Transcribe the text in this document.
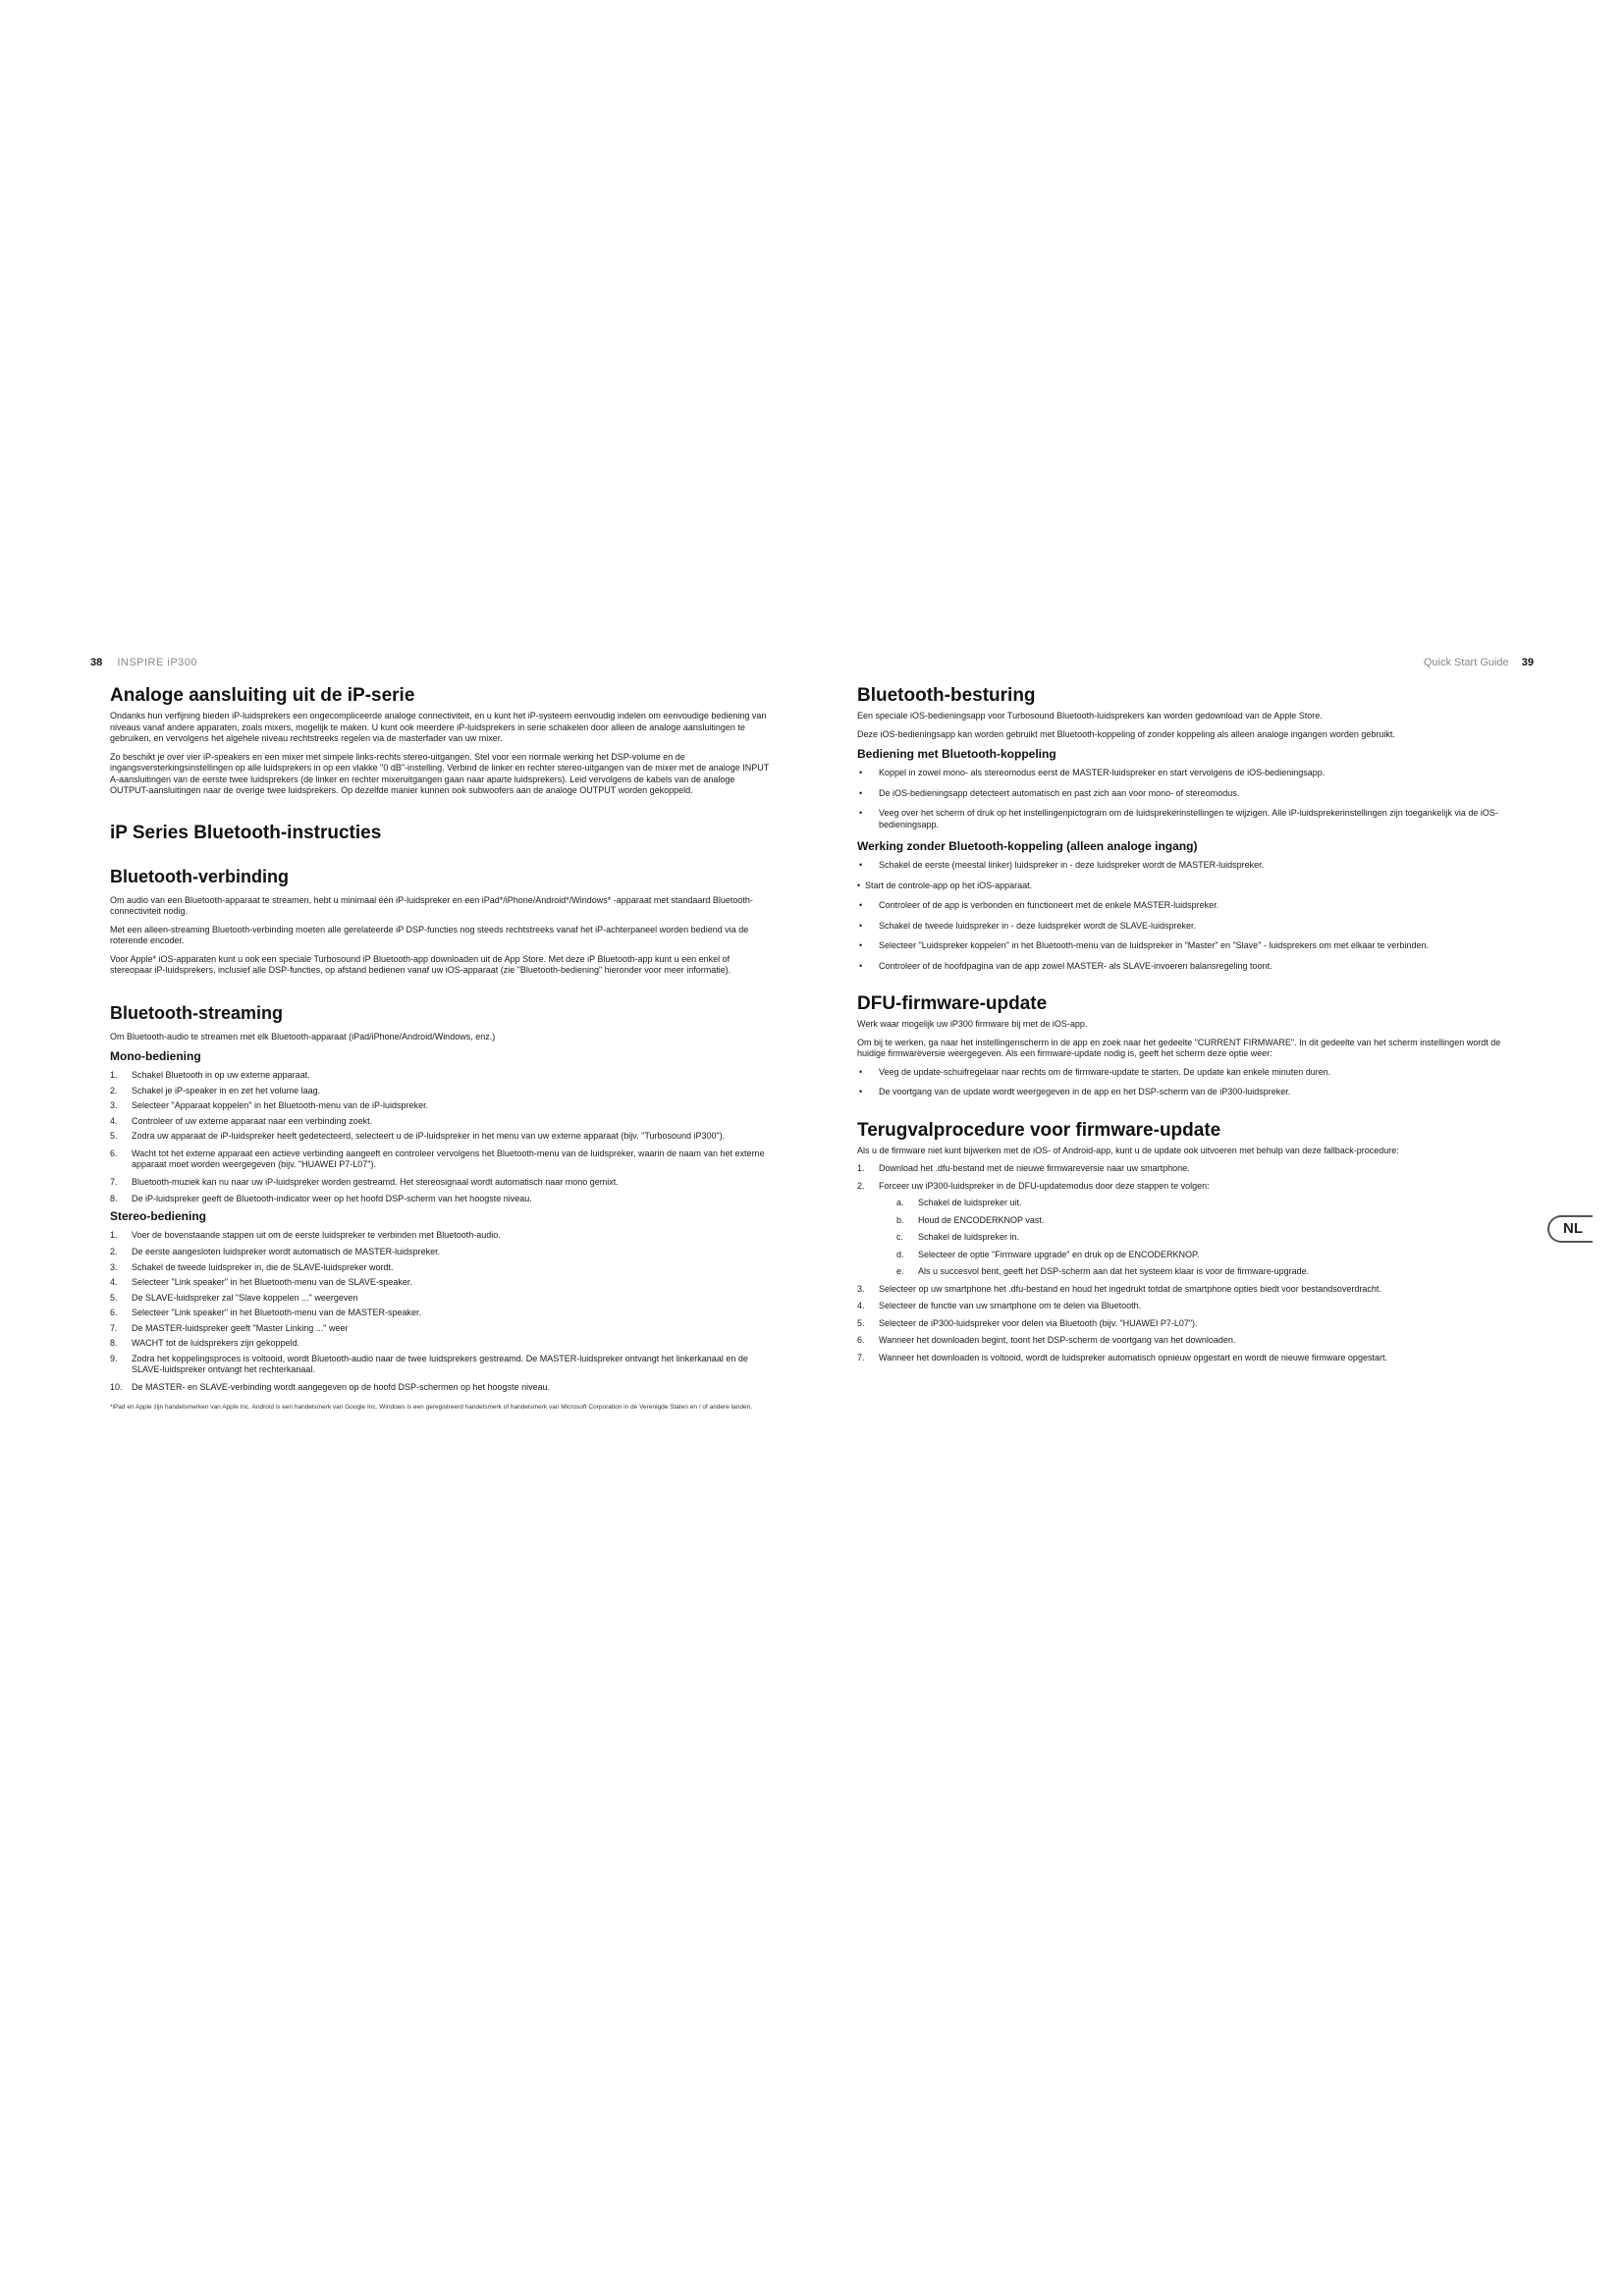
38 INSPIRE iP300	Quick Start Guide 39
Analoge aansluiting uit de iP-serie

Ondanks hun verfijning bieden iP-luidsprekers een ongecompliceerde analoge connectiviteit, en u kunt het iP-systeem eenvoudig indelen om eenvoudige bediening van niveaus vanaf andere apparaten, zoals mixers, mogelijk te maken. U kunt ook meerdere iP-luidsprekers in serie schakelen door alleen de analoge aansluitingen te gebruiken, en vervolgens het algehele niveau rechtstreeks regelen via de masterfader van uw mixer.

Zo beschikt je over vier iP-speakers en een mixer met simpele links-rechts stereo-uitgangen. Stel voor een normale werking het DSP-volume en de ingangsversterkingsinstellingen op alle luidsprekers in op een vlakke "0 dB"-instelling. Verbind de linker en rechter stereo-uitgangen van de mixer met de analoge INPUT A-aansluitingen van de eerste twee luidsprekers (de linker en rechter mixeruitgangen gaan naar aparte luidsprekers). Leid vervolgens de kabels van de analoge OUTPUT-aansluitingen naar de overige twee luidsprekers. Op dezelfde manier kunnen ook subwoofers aan de analoge OUTPUT worden gekoppeld.

iP Series Bluetooth-instructies
Bluetooth-verbinding

Om audio van een Bluetooth-apparaat te streamen, hebt u minimaal één iP-luidspreker en een iPad*/iPhone/Android*/Windows* -apparaat met standaard Bluetooth-connectiviteit nodig.

Met een alleen-streaming Bluetooth-verbinding moeten alle gerelateerde iP DSP-functies nog steeds rechtstreeks vanaf het iP-achterpaneel worden bediend via de roterende encoder.

Voor Apple* iOS-apparaten kunt u ook een speciale Turbosound iP Bluetooth-app downloaden uit de App Store. Met deze iP Bluetooth-app kunt u een enkel of stereopaar iP-luidsprekers, inclusief alle DSP-functies, op afstand bedienen vanaf uw iOS-apparaat (zie "Bluetooth-bediening" hieronder voor meer informatie).

Bluetooth-streaming

Om Bluetooth-audio te streamen met elk Bluetooth-apparaat (iPad/iPhone/Android/Windows, enz.)

Mono-bediening
1. Schakel Bluetooth in op uw externe apparaat.
2. Schakel je iP-speaker in en zet het volume laag.
3. Selecteer "Apparaat koppelen" in het Bluetooth-menu van de iP-luidspreker.
4. Controleer of uw externe apparaat naar een verbinding zoekt.
5. Zodra uw apparaat de iP-luidspreker heeft gedetecteerd, selecteert u de iP-luidspreker in het menu van uw externe apparaat (bijv. "Turbosound iP300").
6. Wacht tot het externe apparaat een actieve verbinding aangeeft en controleer vervolgens het Bluetooth-menu van de luidspreker, waarin de naam van het externe apparaat moet worden weergegeven (bijv. "HUAWEI P7-L07").
7. Bluetooth-muziek kan nu naar uw iP-luidspreker worden gestreamd. Het stereosignaal wordt automatisch naar mono gemixt.
8. De iP-luidspreker geeft de Bluetooth-indicator weer op het hoofd DSP-scherm van het hoogste niveau.
Stereo-bediening
1. Voer de bovenstaande stappen uit om de eerste luidspreker te verbinden met Bluetooth-audio.
2. De eerste aangesloten luidspreker wordt automatisch de MASTER-luidspreker.
3. Schakel de tweede luidspreker in, die de SLAVE-luidspreker wordt.
4. Selecteer "Link speaker" in het Bluetooth-menu van de SLAVE-speaker.
5. De SLAVE-luidspreker zal "Slave koppelen ..." weergeven
6. Selecteer "Link speaker" in het Bluetooth-menu van de MASTER-speaker.
7. De MASTER-luidspreker geeft "Master Linking ..." weer
8. WACHT tot de luidsprekers zijn gekoppeld.
9. Zodra het koppelingsproces is voltooid, wordt Bluetooth-audio naar de twee luidsprekers gestreamd. De MASTER-luidspreker ontvangt het linkerkanaal en de SLAVE-luidspreker ontvangt het rechterkanaal.
10. De MASTER- en SLAVE-verbinding wordt aangegeven op de hoofd DSP-schermen op het hoogste niveau.
*iPad en Apple zijn handelsmerken van Apple Inc. Android is een handelsmerk van Google Inc. Windows is een geregistreerd handelsmerk of handelsmerk van Microsoft Corporation in de Verenigde Staten en / of andere landen.
Bluetooth-besturing

Een speciale iOS-bedieningsapp voor Turbosound Bluetooth-luidsprekers kan worden gedownload van de Apple Store.

Deze iOS-bedieningsapp kan worden gebruikt met Bluetooth-koppeling of zonder koppeling als alleen analoge ingangen worden gebruikt.

Bediening met Bluetooth-koppeling
• Koppel in zowel mono- als stereomodus eerst de MASTER-luidspreker en start vervolgens de iOS-bedieningsapp.
• De iOS-bedieningsapp detecteert automatisch en past zich aan voor mono- of stereomodus.
• Veeg over het scherm of druk op het instellingenpictogram om de luidsprekerinstellingen te wijzigen. Alle iP-luidsprekerinstellingen zijn toegankelijk via de iOS-bedieningsapp.
Werking zonder Bluetooth-koppeling (alleen analoge ingang)
• Schakel de eerste (meestal linker) luidspreker in - deze luidspreker wordt de MASTER-luidspreker.
• Start de controle-app op het iOS-apparaat.
• Controleer of de app is verbonden en functioneert met de enkele MASTER-luidspreker.
• Schakel de tweede luidspreker in - deze luidspreker wordt de SLAVE-luidspreker.
• Selecteer "Luidspreker koppelen" in het Bluetooth-menu van de luidspreker in "Master" en "Slave" - luidsprekers om met elkaar te verbinden.
• Controleer of de hoofdpagina van de app zowel MASTER- als SLAVE-invoeren balansregeling toont.
DFU-firmware-update

Werk waar mogelijk uw iP300 firmware bij met de iOS-app.

Om bij te werken, ga naar het instellingenscherm in de app en zoek naar het gedeelte "CURRENT FIRMWARE". In dit gedeelte van het scherm instellingen wordt de huidige firmwareversie weergegeven. Als een firmware-update nodig is, geeft het scherm deze optie weer:

• Veeg de update-schuifregelaar naar rechts om de firmware-update te starten. De update kan enkele minuten duren.
• De voortgang van de update wordt weergegeven in de app en het DSP-scherm van de iP300-luidspreker.
Terugvalprocedure voor firmware-update

Als u de firmware niet kunt bijwerken met de iOS- of Android-app, kunt u de update ook uitvoeren met behulp van deze fallback-procedure:

1. Download het .dfu-bestand met de nieuwe firmwareversie naar uw smartphone.
2. Forceer uw iP300-luidspreker in de DFU-updatemodus door deze stappen te volgen:
a. Schakel de luidspreker uit.
b. Houd de ENCODERKNOP vast.
c. Schakel de luidspreker in.
d. Selecteer de optie "Firmware upgrade" en druk op de ENCODERKNOP.
e. Als u succesvol bent, geeft het DSP-scherm aan dat het systeem klaar is voor de firmware-upgrade.
3. Selecteer op uw smartphone het .dfu-bestand en houd het ingedrukt totdat de smartphone opties biedt voor bestandsoverdracht.
4. Selecteer de functie van uw smartphone om te delen via Bluetooth.
5. Selecteer de iP300-luidspreker voor delen via Bluetooth (bijv. "HUAWEI P7-L07").
6. Wanneer het downloaden begint, toont het DSP-scherm de voortgang van het downloaden.
7. Wanneer het downloaden is voltooid, wordt de luidspreker automatisch opnieuw opgestart en wordt de nieuwe firmware opgestart.
NL
